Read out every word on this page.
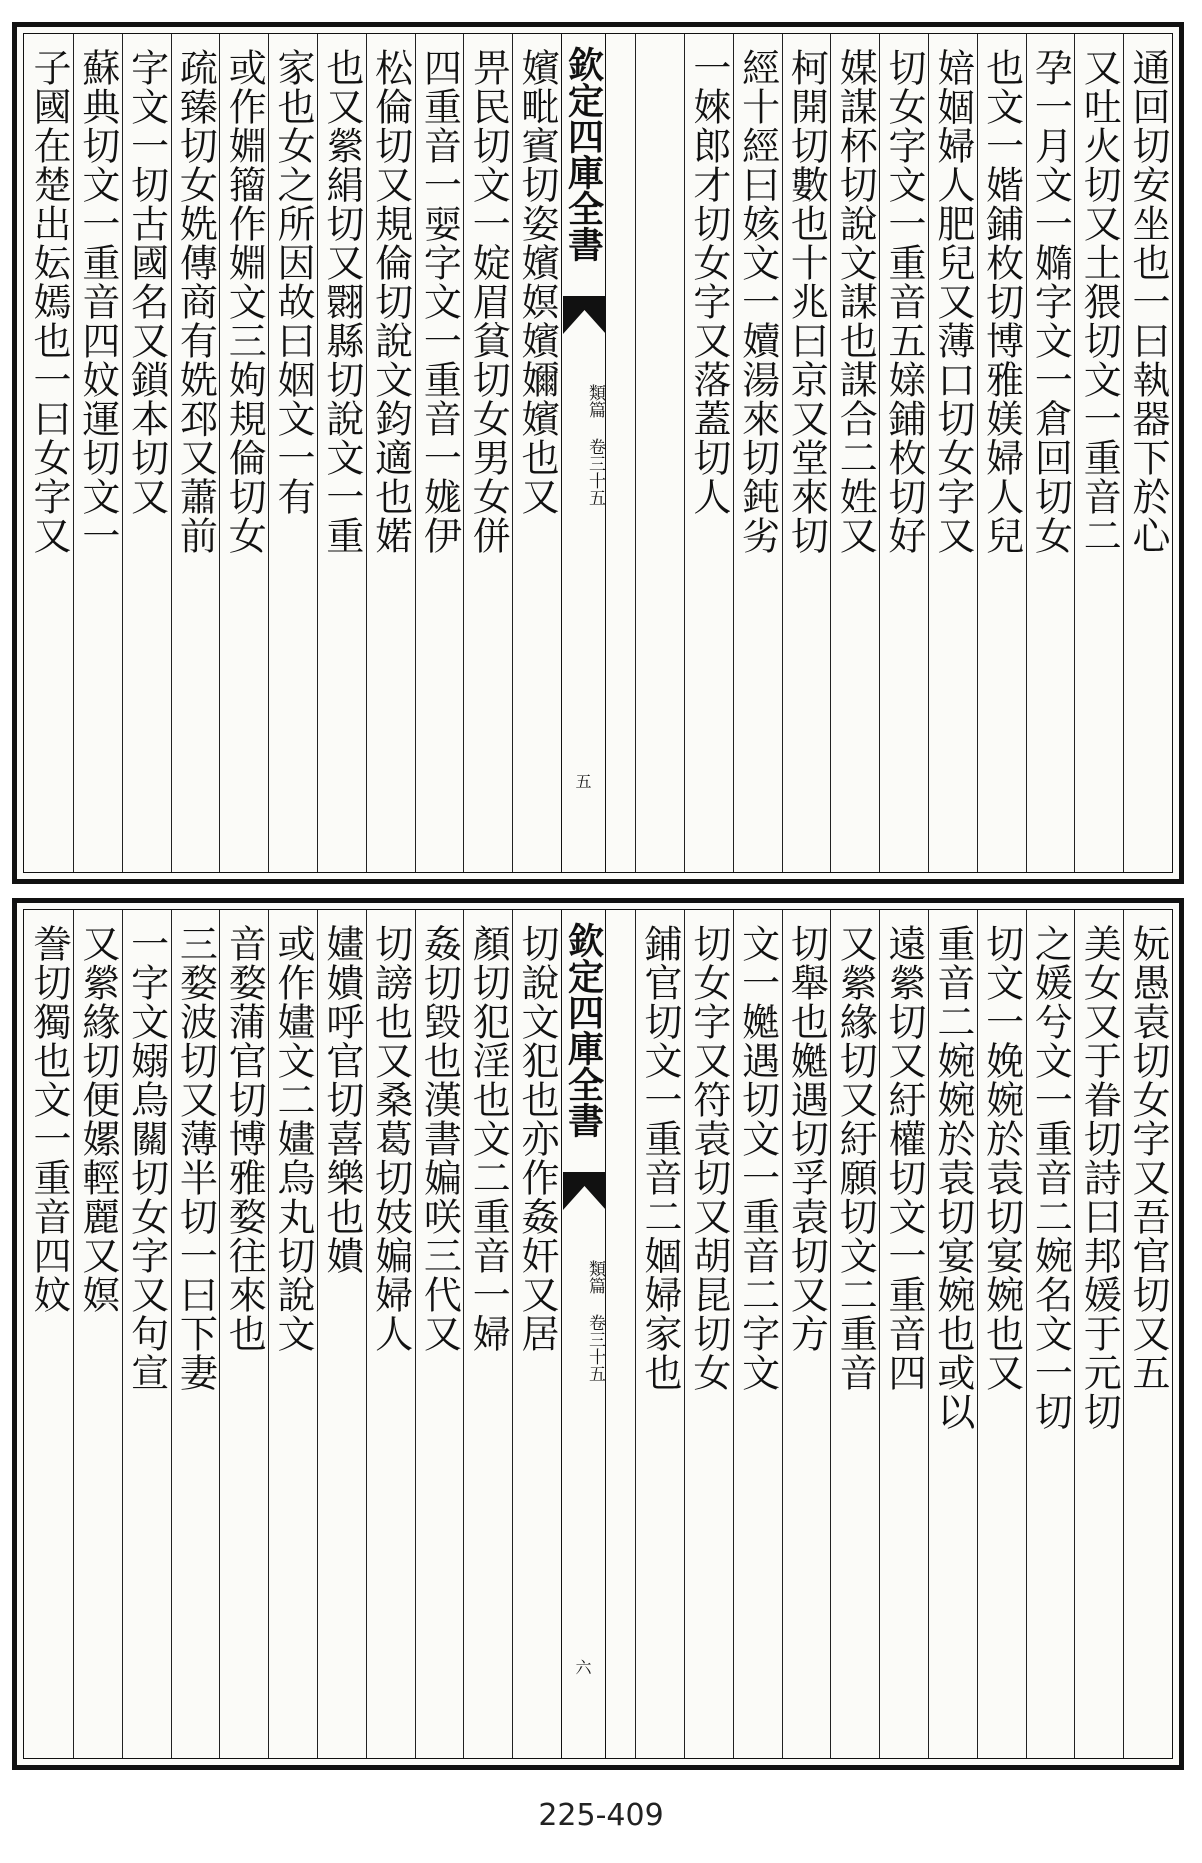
通回切安坐也一曰執器下於心
又吐火切又土猥切文一重音二
孕一月文一嫷字文一倉回切女
也文一媘鋪枚切博雅媄婦人兒
婄婟婦人肥兒又薄口切女字又
切女字文一重音五媇鋪枚切好
媒謀杯切說文謀也謀合二姓又
柯開切數也十兆曰京又堂來切
經十經曰姟文一嬻湯來切鈍劣
一婡郎才切女字又落蓋切人
欽定四庫全書
類篇 卷三十五
五
嬪毗賓切姿嬪嫇嬪嬭嬪也又
畀民切文一婝眉貧切女男女併
四重音一婯字文一重音一娏伊
松倫切又規倫切說文鈞適也婼
也又縈絹切又翾縣切說文一重
家也女之所因故曰姻文一有
或作婣籀作婣文三姁規倫切女
疏臻切女姺傳商有姺邳又蕭前
字文一切古國名又鎖本切又
蘇典切文一重音四妏運切文一
子國在楚出妘嫣也一曰女字又
妧愚袁切女字又吾官切又五
美女又于眷切詩曰邦媛于元切
之媛兮文一重音二婉名文一切
切文一娩婉於袁切宴婉也又
重音二婉婉於袁切宴婉也或以
遠縈切又紆權切文一重音四
又縈緣切又紆願切文二重音
切舉也嬔遇切孚袁切又方
文一嬔遇切文一重音二字文
切女字又符袁切又胡昆切女
鋪官切文一重音二婟婦家也
欽定四庫全書
類篇 卷三十五
六
切說文犯也亦作姦奸又居
顏切犯淫也文二重音一婦
姦切毀也漢書媥咲三代又
切謗也又桑葛切妓媥婦人
嫿嬇呼官切喜樂也嬇
或作嫿文二嫿烏丸切說文
音婺蒲官切博雅婺往來也
三婺波切又薄半切一曰下妻
一字文嫋烏關切女字又句宣
又縈緣切便嫘輕麗又嫇
誊切獨也文一重音四妏
225-409
